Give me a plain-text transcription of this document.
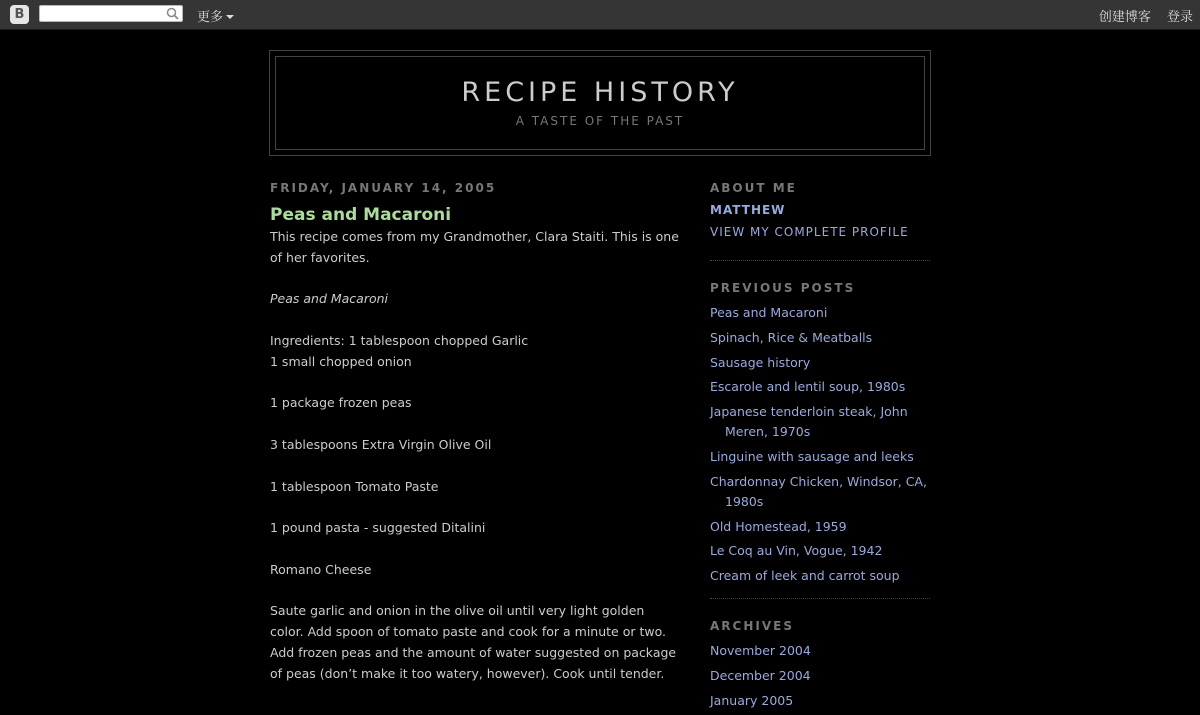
B	更多	创建博客 登录
RECIPE HISTORY
A TASTE OF THE PAST
FRIDAY, JANUARY 14, 2005
Peas and Macaroni

This recipe comes from my Grandmother, Clara Staiti. This is one of her favorites.

Peas and Macaroni

Ingredients: 1 tablespoon chopped Garlic
1 small chopped onion

1 package frozen peas

3 tablespoons Extra Virgin Olive Oil

1 tablespoon Tomato Paste

1 pound pasta - suggested Ditalini

Romano Cheese

Saute garlic and onion in the olive oil until very light golden color. Add spoon of tomato paste and cook for a minute or two. Add frozen peas and the amount of water suggested on package of peas (don’t make it too watery, however). Cook until tender.

ABOUT ME
MATTHEW
VIEW MY COMPLETE PROFILE
PREVIOUS POSTS
Peas and Macaroni
Spinach, Rice & Meatballs
Sausage history
Escarole and lentil soup, 1980s
Japanese tenderloin steak, John Meren, 1970s
Linguine with sausage and leeks
Chardonnay Chicken, Windsor, CA, 1980s
Old Homestead, 1959
Le Coq au Vin, Vogue, 1942
Cream of leek and carrot soup
ARCHIVES
November 2004
December 2004
January 2005
